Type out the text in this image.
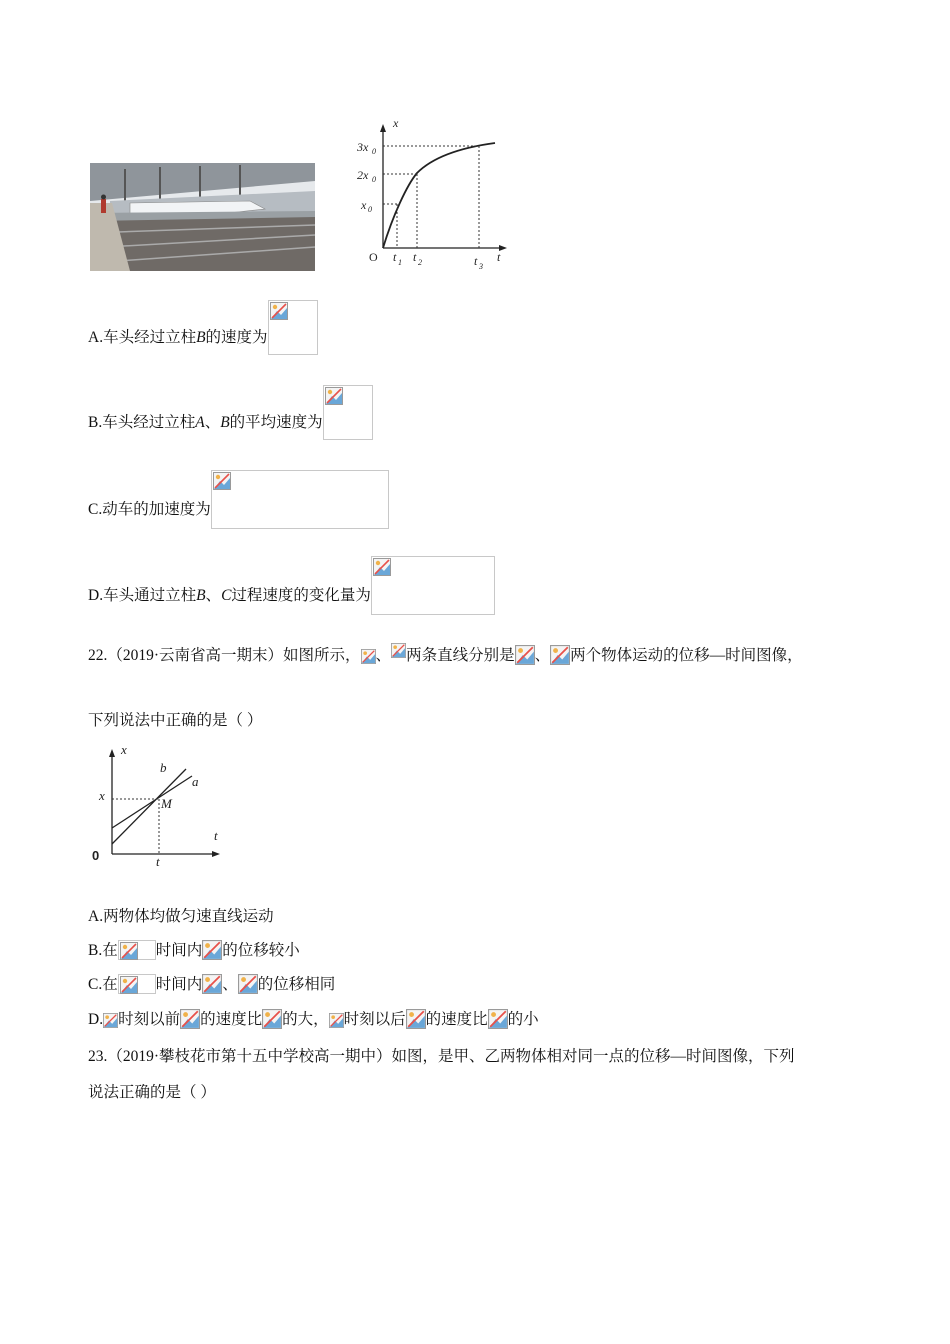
x
t
O
x 0
2x 0
3x 0
t 1 t 2	t 3
A.车头经过立柱 B 的速度为
B.车头经过立柱 A 、 B 的平均速度为
C.动车的加速度为
D.车头通过立柱 B 、 C 过程速度的变化量为
22.（2019·云南省高一期末）如图所示， 、 两条直线分别是 、 两个物体运动的位移—时间图像，
下列说法中正确的是（ ）
x
t
0
x
t
b
a
M
A.两物体均做匀速直线运动
B.在 时间内 的位移较小
C.在 时间内 、 的位移相同
D. 时刻以前 的速度比 的大， 时刻以后 的速度比 的小
23.（2019·攀枝花市第十五中学校高一期中）如图，是甲、乙两物体相对同一点的位移—时间图像，下列
说法正确的是（ ）
